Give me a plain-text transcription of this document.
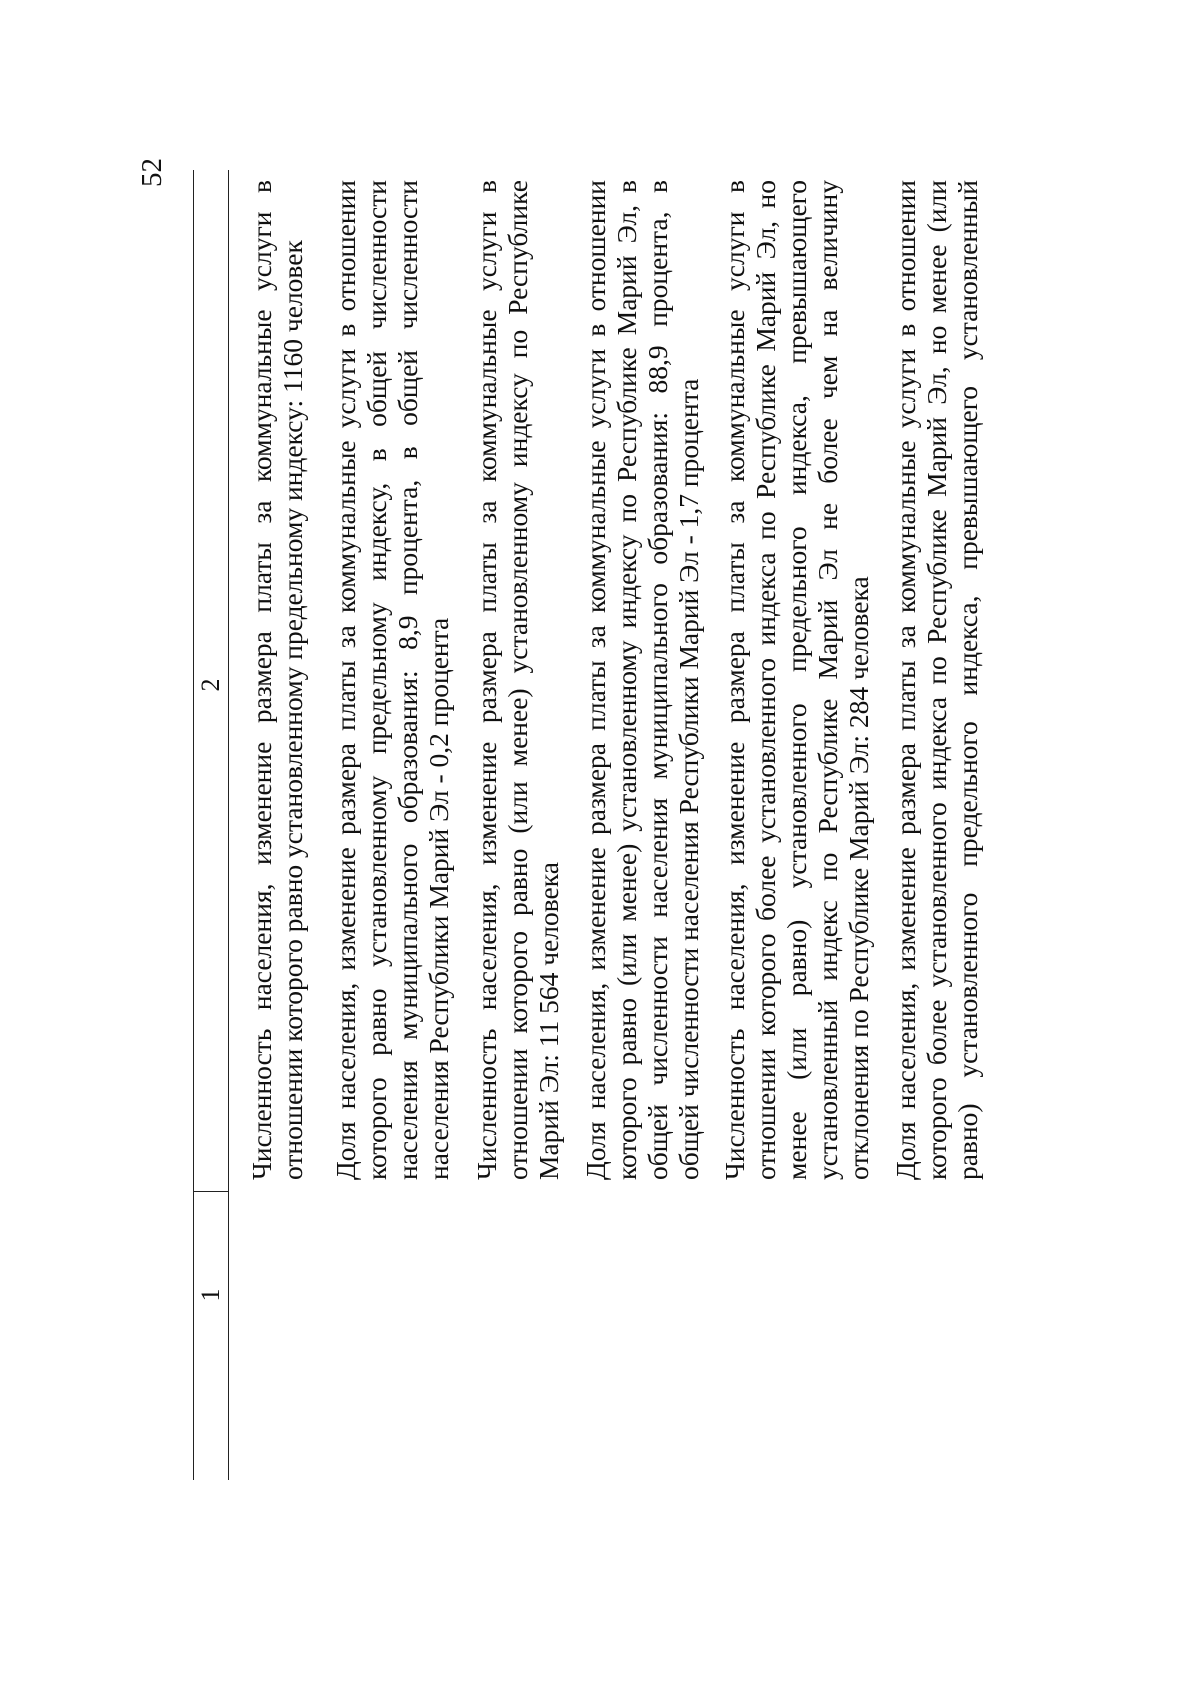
52
1
2 Численность населения, изменение размера платы за коммунальные услуги в отношении которого равно установленному предельному индексу: 1160 человек Доля населения, изменение размера платы за коммунальные услуги в отношении которого равно установленному предельному индексу, в общей численности населения муниципального образования: 8,9 процента, в общей численности населения Республики Марий Эл - 0,2 процента Численность населения, изменение размера платы за коммунальные услуги в отношении которого равно (или менее) установленному индексу по Республике Марий Эл: 11 564 человека Доля населения, изменение размера платы за коммунальные услуги в отношении которого равно (или менее) установленному индексу по Республике Марий Эл, в общей численности населения муниципального образования: 88,9 процента, в общей численности населения Республики Марий Эл - 1,7 процента Численность населения, изменение размера платы за коммунальные услуги в отношении которого более установленного индекса по Республике Марий Эл, но менее (или равно) установленного предельного индекса, превышающего установленный индекс по Республике Марий Эл не более чем на величину отклонения по Республике Марий Эл: 284 человека Доля населения, изменение размера платы за коммунальные услуги в отношении которого более установленного индекса по Республике Марий Эл, но менее (или равно) установленного предельного индекса, превышающего установленный
